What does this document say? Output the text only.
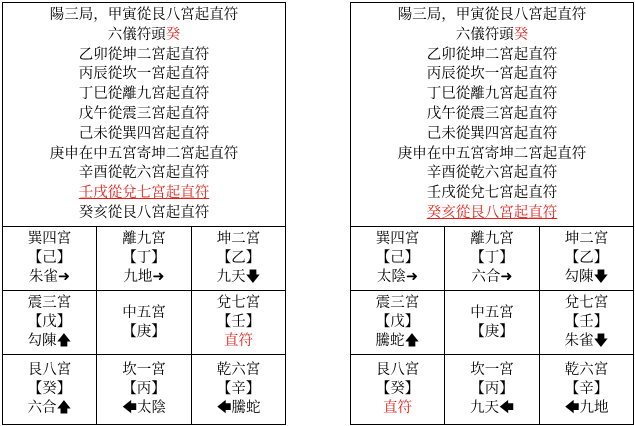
陽三局，甲寅從艮八宮起直符
六儀符頭癸
乙卯從坤二宮起直符
丙辰從坎一宮起直符
丁巳從離九宮起直符
戊午從震三宮起直符
己未從巽四宮起直符
庚申在中五宮寄坤二宮起直符
辛酉從乾六宮起直符
壬戌從兌七宮起直符
癸亥從艮八宮起直符
巽四宮
【己】
朱雀➜
離九宮
【丁】
九地➜
坤二宮
【乙】
九天🡇
震三宮
【戊】
勾陳🡅
中五宮
【庚】
兌七宮
【壬】
直符
艮八宮
【癸】
六合🡅
坎一宮
【丙】
🡄太陰
乾六宮
【辛】
🡄騰蛇
陽三局，甲寅從艮八宮起直符
六儀符頭癸
乙卯從坤二宮起直符
丙辰從坎一宮起直符
丁巳從離九宮起直符
戊午從震三宮起直符
己未從巽四宮起直符
庚申在中五宮寄坤二宮起直符
辛酉從乾六宮起直符
壬戌從兌七宮起直符
癸亥從艮八宮起直符
巽四宮
【己】
太陰➜
離九宮
【丁】
六合➜
坤二宮
【乙】
勾陳🡇
震三宮
【戊】
騰蛇🡅
中五宮
【庚】
兌七宮
【壬】
朱雀🡇
艮八宮
【癸】
直符
坎一宮
【丙】
九天🡄
乾六宮
【辛】
🡄九地
